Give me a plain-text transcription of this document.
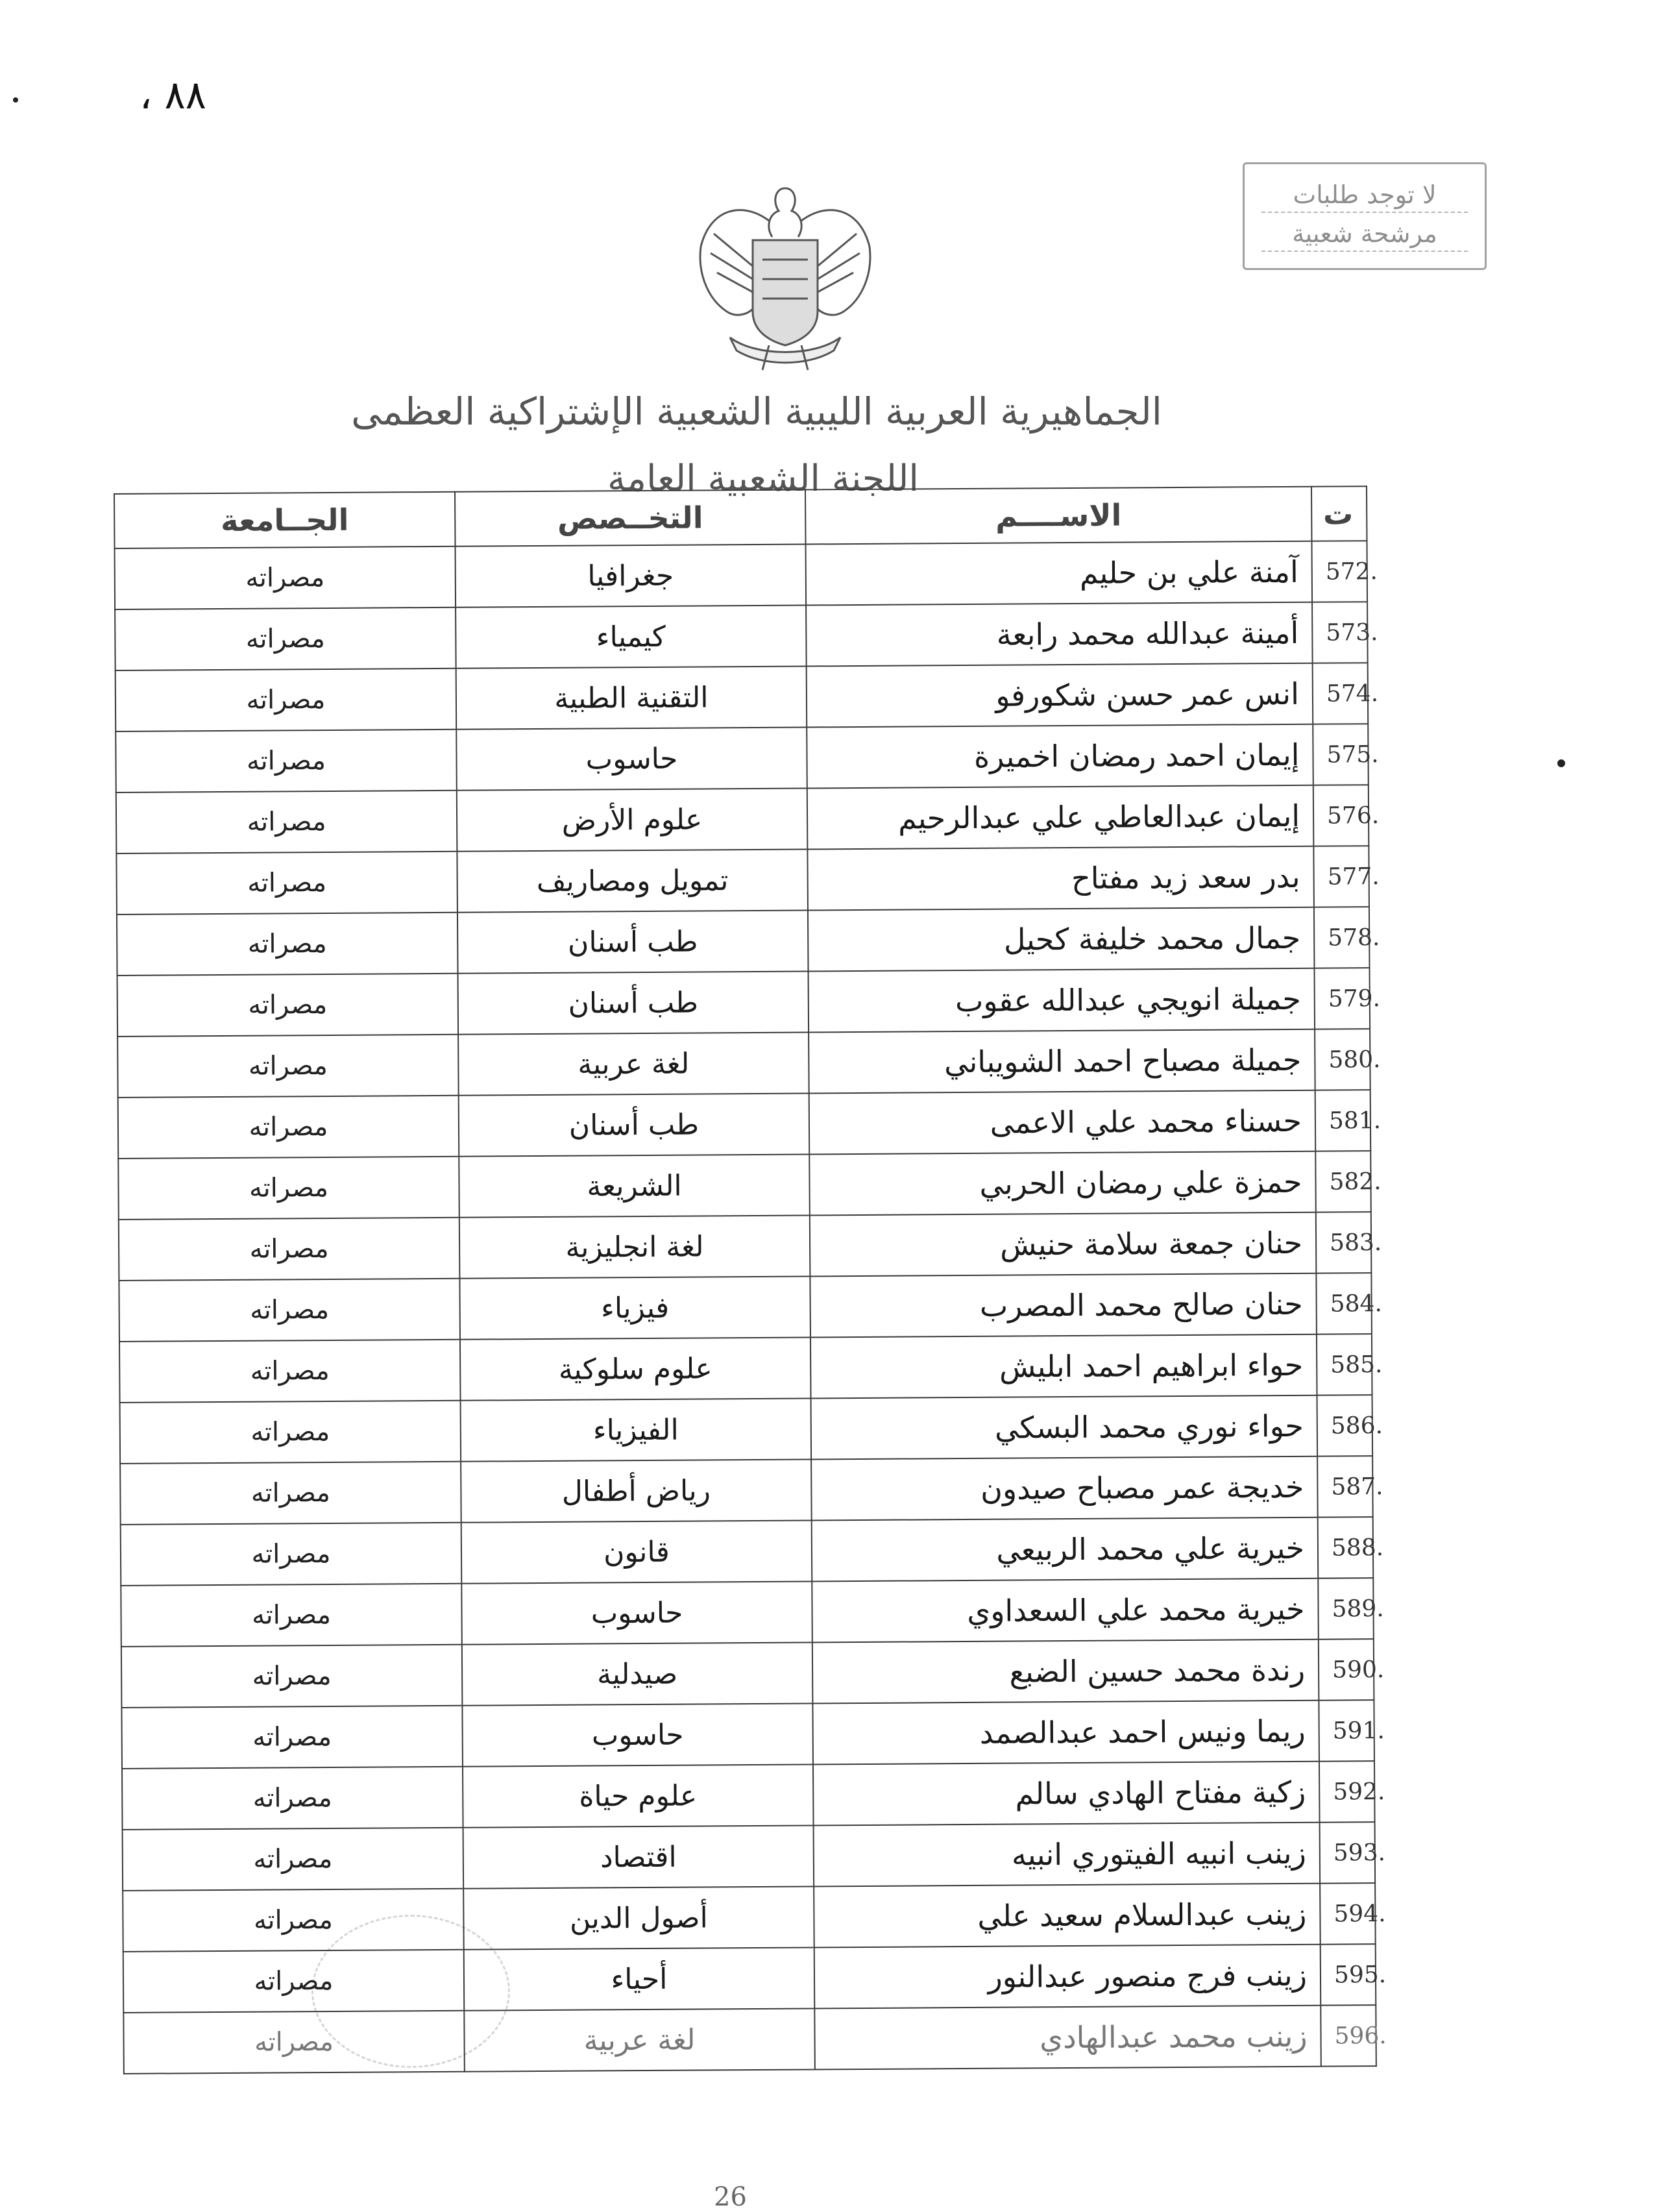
، ٨٨
لا توجد طلبات
مرشحة شعبية
الجماهيرية العربية الليبية الشعبية الإشتراكية العظمى
اللجنة الشعبية العامة
ت	الاســــم	التخــصص	الجــامعة
572.	آمنة علي بن حليم	جغرافيا	مصراته
573.	أمينة عبدالله محمد رابعة	كيمياء	مصراته
574.	انس عمر حسن شكورفو	التقنية الطبية	مصراته
575.	إيمان احمد رمضان اخميرة	حاسوب	مصراته
576.	إيمان عبدالعاطي علي عبدالرحيم	علوم الأرض	مصراته
577.	بدر سعد زيد مفتاح	تمويل ومصاريف	مصراته
578.	جمال محمد خليفة كحيل	طب أسنان	مصراته
579.	جميلة انويجي عبدالله عقوب	طب أسنان	مصراته
580.	جميلة مصباح احمد الشويباني	لغة عربية	مصراته
581.	حسناء محمد علي الاعمى	طب أسنان	مصراته
582.	حمزة علي رمضان الحربي	الشريعة	مصراته
583.	حنان جمعة سلامة حنيش	لغة انجليزية	مصراته
584.	حنان صالح محمد المصرب	فيزياء	مصراته
585.	حواء ابراهيم احمد ابليش	علوم سلوكية	مصراته
586.	حواء نوري محمد البسكي	الفيزياء	مصراته
587.	خديجة عمر مصباح صيدون	رياض أطفال	مصراته
588.	خيرية علي محمد الربيعي	قانون	مصراته
589.	خيرية محمد علي السعداوي	حاسوب	مصراته
590.	رندة محمد حسين الضبع	صيدلية	مصراته
591.	ريما ونيس احمد عبدالصمد	حاسوب	مصراته
592.	زكية مفتاح الهادي سالم	علوم حياة	مصراته
593.	زينب انبيه الفيتوري انبيه	اقتصاد	مصراته
594.	زينب عبدالسلام سعيد علي	أصول الدين	مصراته
595.	زينب فرج منصور عبدالنور	أحياء	مصراته
596.	زينب محمد عبدالهادي	لغة عربية	مصراته
26
